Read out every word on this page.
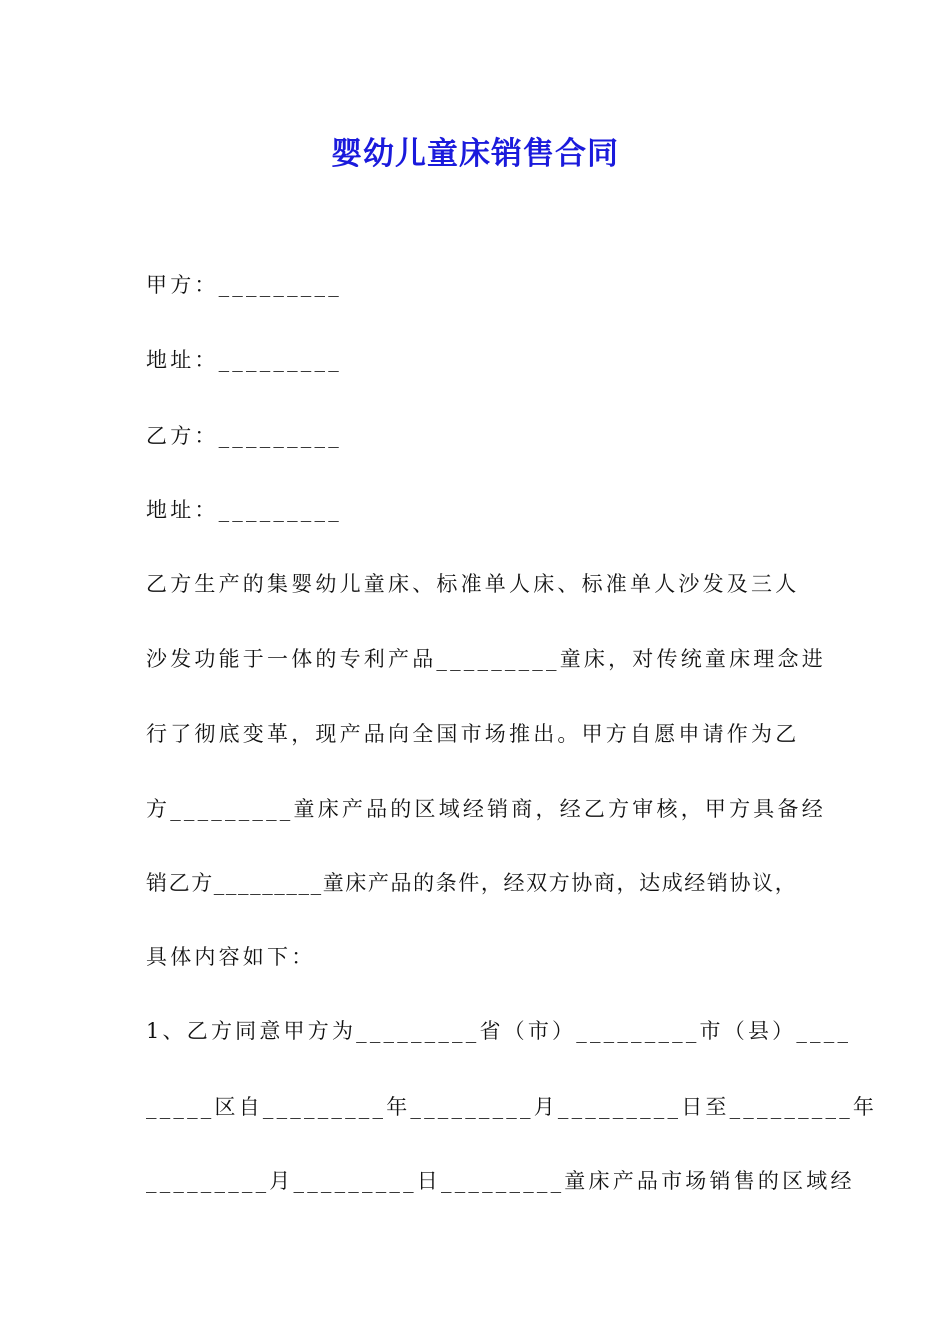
婴幼儿童床销售合同
甲方：_________
地址：_________
乙方：_________
地址：_________
乙方生产的集婴幼儿童床、标准单人床、标准单人沙发及三人
沙发功能于一体的专利产品_________童床，对传统童床理念进
行了彻底变革，现产品向全国市场推出。甲方自愿申请作为乙
方_________童床产品的区域经销商，经乙方审核，甲方具备经
销乙方_________童床产品的条件，经双方协商，达成经销协议，
具体内容如下：
1、乙方同意甲方为_________省（市）_________市（县）____
_____区自_________年_________月_________日至_________年
_________月_________日_________童床产品市场销售的区域经
